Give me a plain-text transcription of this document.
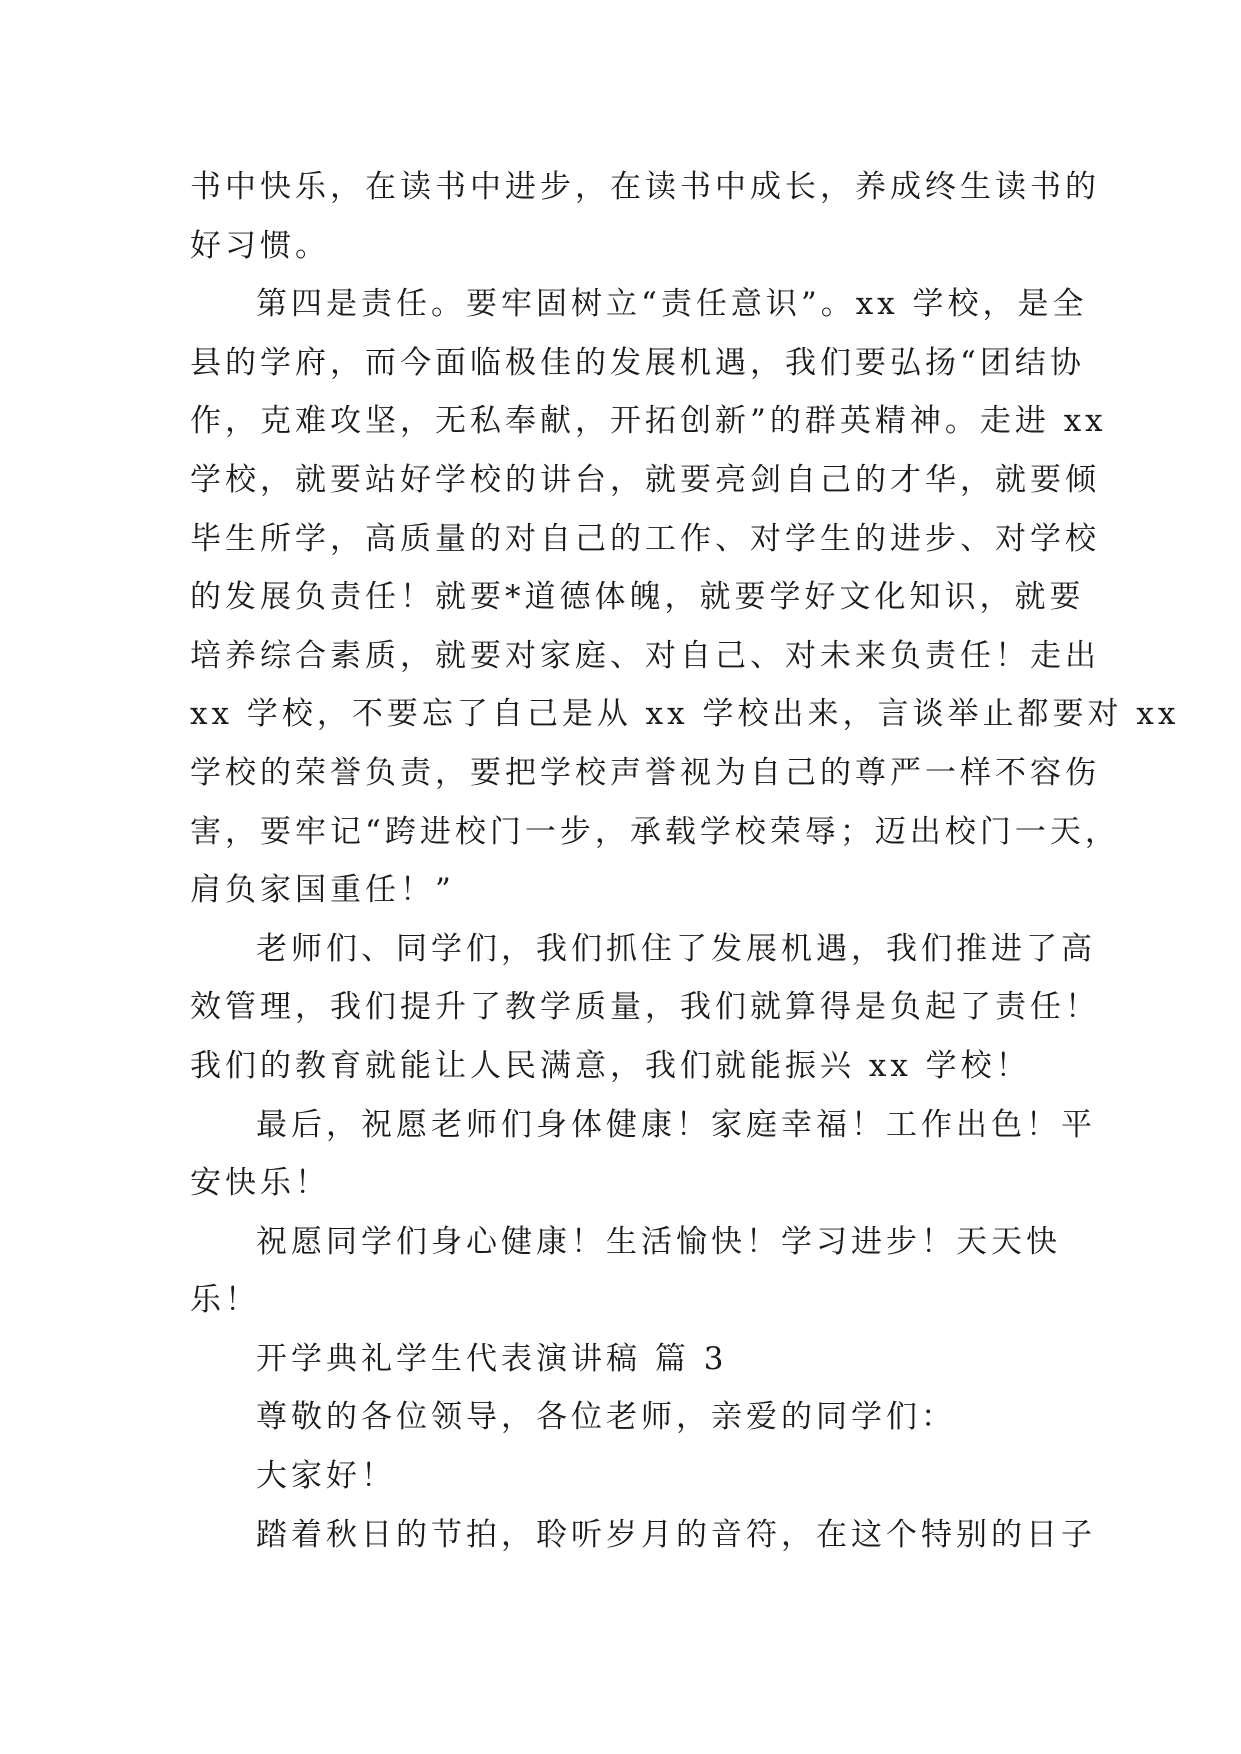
书中快乐，在读书中进步，在读书中成长，养成终生读书的
好习惯。
第四是责任。要牢固树立“责任意识”。xx 学校，是全
县的学府，而今面临极佳的发展机遇，我们要弘扬“团结协
作，克难攻坚，无私奉献，开拓创新”的群英精神。走进 xx
学校，就要站好学校的讲台，就要亮剑自己的才华，就要倾
毕生所学，高质量的对自己的工作、对学生的进步、对学校
的发展负责任！就要*道德体魄，就要学好文化知识，就要
培养综合素质，就要对家庭、对自己、对未来负责任！走出
xx 学校，不要忘了自己是从 xx 学校出来，言谈举止都要对 xx
学校的荣誉负责，要把学校声誉视为自己的尊严一样不容伤
害，要牢记“跨进校门一步，承载学校荣辱；迈出校门一天，
肩负家国重任！”
老师们、同学们，我们抓住了发展机遇，我们推进了高
效管理，我们提升了教学质量，我们就算得是负起了责任！
我们的教育就能让人民满意，我们就能振兴 xx 学校！
最后，祝愿老师们身体健康！家庭幸福！工作出色！平
安快乐！
祝愿同学们身心健康！生活愉快！学习进步！天天快
乐！
开学典礼学生代表演讲稿 篇 3
尊敬的各位领导，各位老师，亲爱的同学们：
大家好！
踏着秋日的节拍，聆听岁月的音符，在这个特别的日子
